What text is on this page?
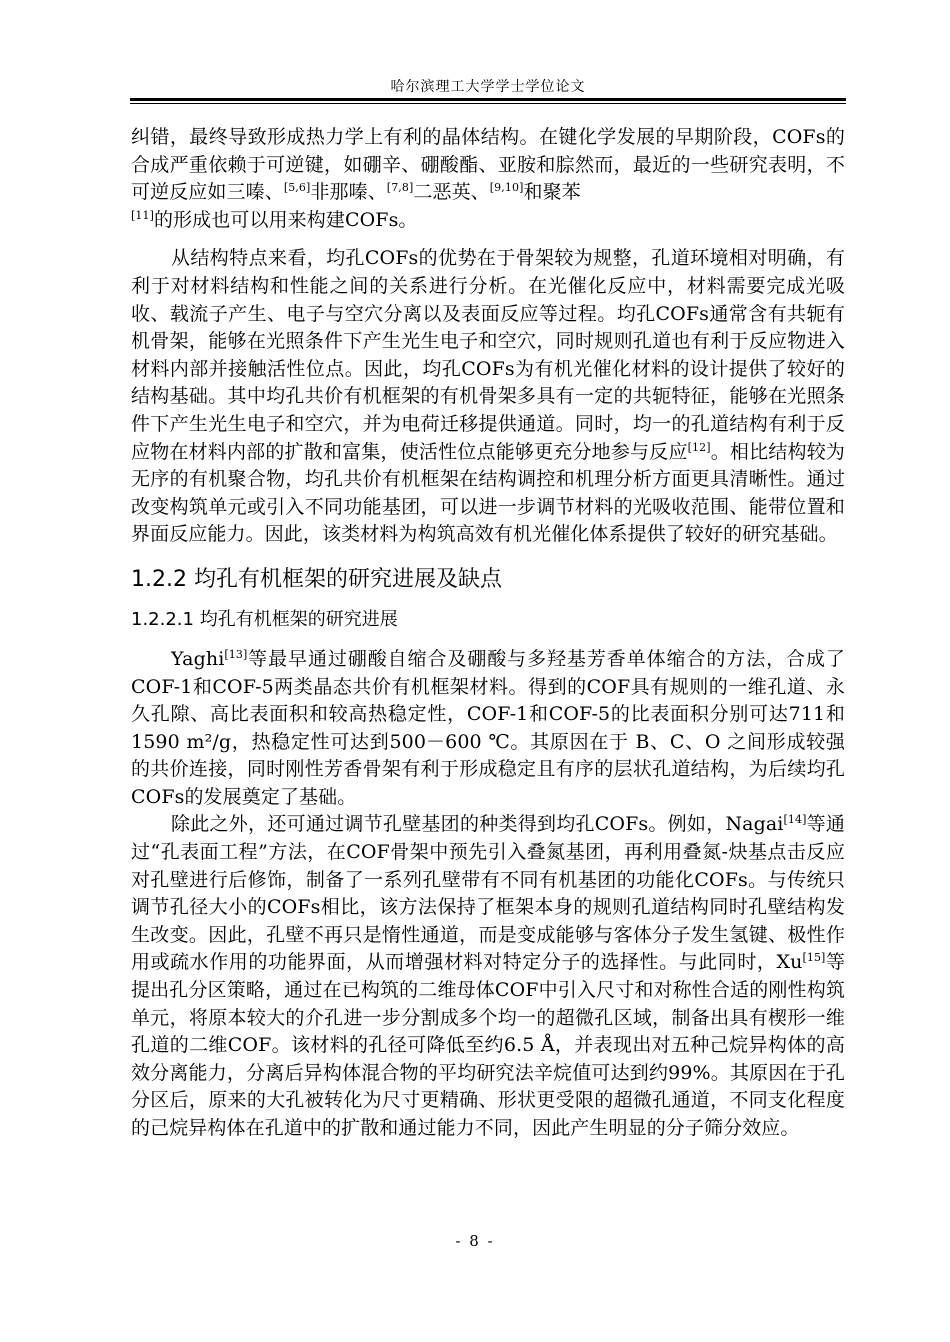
哈尔滨理工大学学士学位论文

纠错，最终导致形成热力学上有利的晶体结构。在键化学发展的早期阶段，COFs的合成严重依赖于可逆键，如硼辛、硼酸酯、亚胺和腙然而，最近的一些研究表明，不可逆反应如三嗪、[5,6]非那嗪、[7,8]二恶英、[9,10]和聚苯
[11]的形成也可以用来构建COFs。

从结构特点来看，均孔COFs的优势在于骨架较为规整，孔道环境相对明确，有利于对材料结构和性能之间的关系进行分析。在光催化反应中，材料需要完成光吸收、载流子产生、电子与空穴分离以及表面反应等过程。均孔COFs通常含有共轭有机骨架，能够在光照条件下产生光生电子和空穴，同时规则孔道也有利于反应物进入材料内部并接触活性位点。因此，均孔COFs为有机光催化材料的设计提供了较好的结构基础。其中均孔共价有机框架的有机骨架多具有一定的共轭特征，能够在光照条件下产生光生电子和空穴，并为电荷迁移提供通道。同时，均一的孔道结构有利于反应物在材料内部的扩散和富集，使活性位点能够更充分地参与反应[12]。相比结构较为无序的有机聚合物，均孔共价有机框架在结构调控和机理分析方面更具清晰性。通过改变构筑单元或引入不同功能基团，可以进一步调节材料的光吸收范围、能带位置和界面反应能力。因此，该类材料为构筑高效有机光催化体系提供了较好的研究基础。

1.2.2 均孔有机框架的研究进展及缺点
1.2.2.1 均孔有机框架的研究进展

Yaghi[13]等最早通过硼酸自缩合及硼酸与多羟基芳香单体缩合的方法，合成了COF-1和COF-5两类晶态共价有机框架材料。得到的COF具有规则的一维孔道、永久孔隙、高比表面积和较高热稳定性，COF-1和COF-5的比表面积分别可达711和1590 m²/g，热稳定性可达到500－600 ℃。其原因在于 B、C、O 之间形成较强的共价连接，同时刚性芳香骨架有利于形成稳定且有序的层状孔道结构，为后续均孔COFs的发展奠定了基础。

除此之外，还可通过调节孔壁基团的种类得到均孔COFs。例如，Nagai[14]等通过“孔表面工程”方法，在COF骨架中预先引入叠氮基团，再利用叠氮-炔基点击反应对孔壁进行后修饰，制备了一系列孔壁带有不同有机基团的功能化COFs。与传统只调节孔径大小的COFs相比，该方法保持了框架本身的规则孔道结构同时孔壁结构发生改变。因此，孔壁不再只是惰性通道，而是变成能够与客体分子发生氢键、极性作用或疏水作用的功能界面，从而增强材料对特定分子的选择性。与此同时，Xu[15]等提出孔分区策略，通过在已构筑的二维母体COF中引入尺寸和对称性合适的刚性构筑单元，将原本较大的介孔进一步分割成多个均一的超微孔区域，制备出具有楔形一维孔道的二维COF。该材料的孔径可降低至约6.5 Å，并表现出对五种己烷异构体的高效分离能力，分离后异构体混合物的平均研究法辛烷值可达到约99%。其原因在于孔分区后，原来的大孔被转化为尺寸更精确、形状更受限的超微孔通道，不同支化程度的己烷异构体在孔道中的扩散和通过能力不同，因此产生明显的分子筛分效应。

- 8 -
